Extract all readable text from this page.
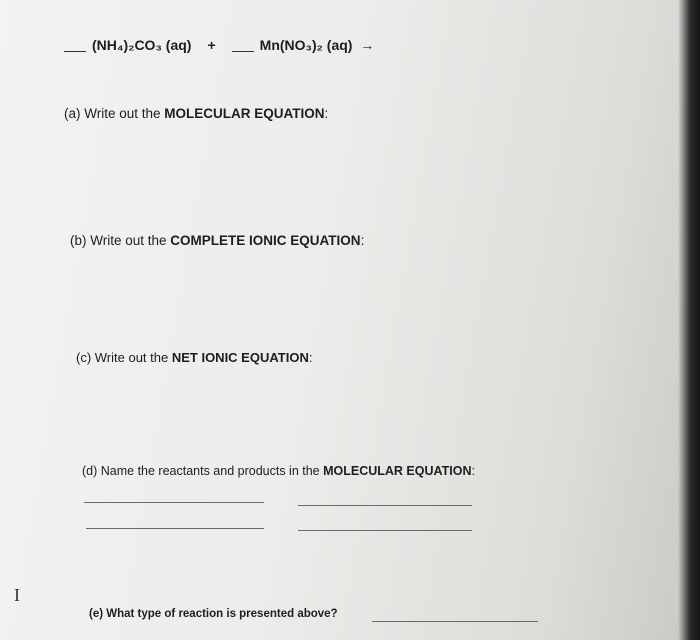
(NH₄)₂CO₃ (aq) +	Mn(NO₃)₂ (aq) →
(a) Write out the MOLECULAR EQUATION:
(b) Write out the COMPLETE IONIC EQUATION:
(c) Write out the NET IONIC EQUATION:
(d) Name the reactants and products in the MOLECULAR EQUATION:
(e) What type of reaction is presented above?
I
